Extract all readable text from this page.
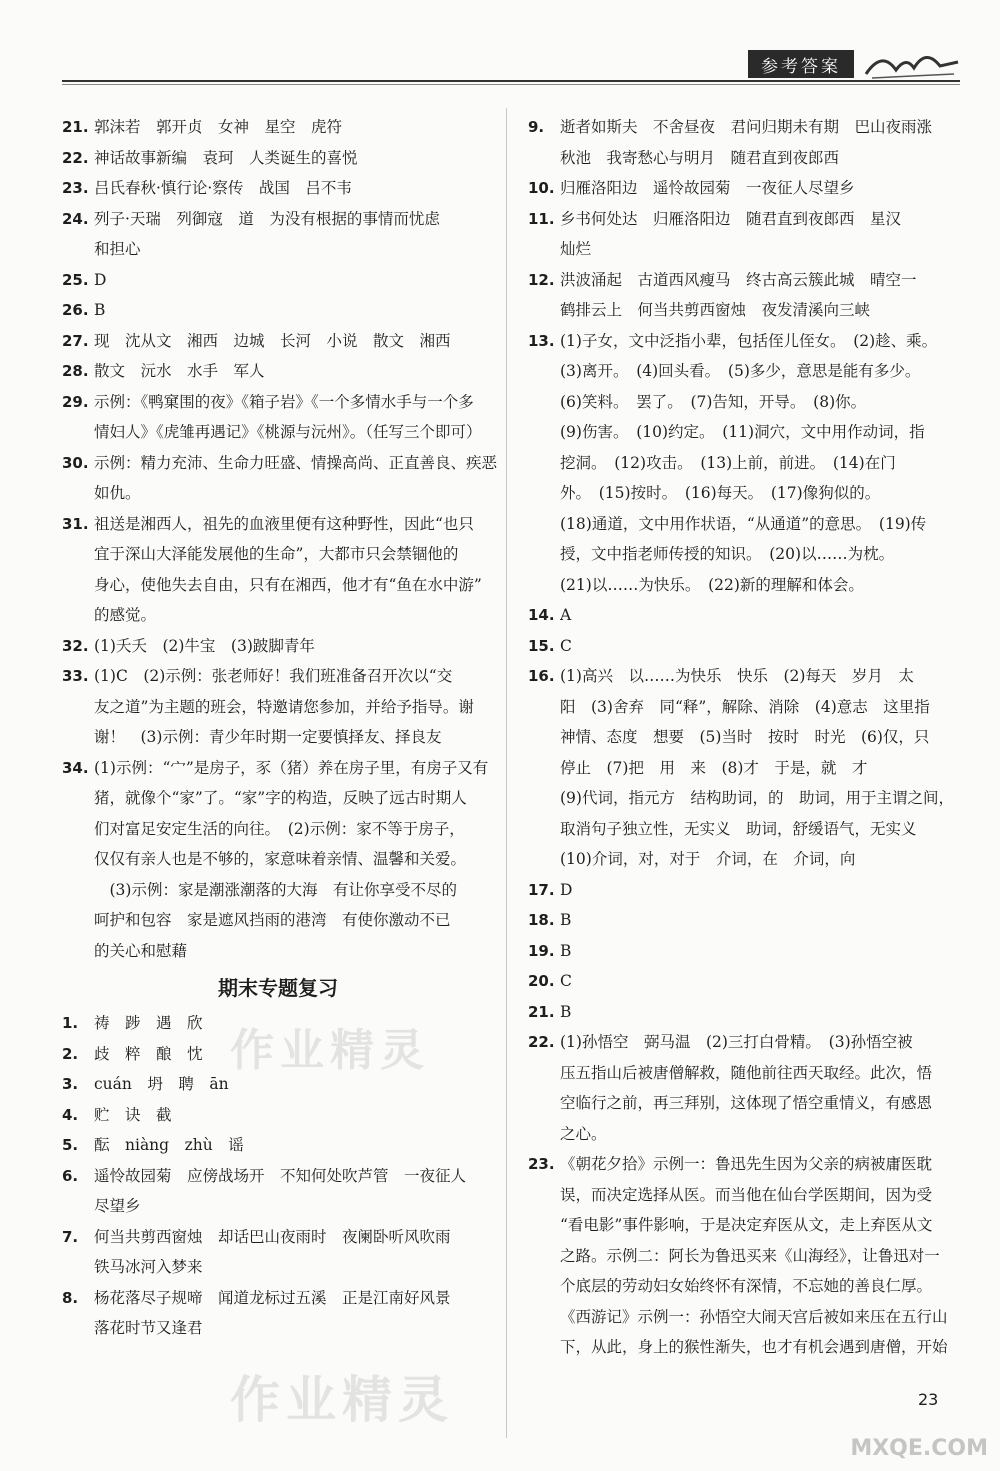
参考答案
21. 郭沫若　郭开贞　女神　星空　虎符
22. 神话故事新编　袁珂　人类诞生的喜悦
23. 吕氏春秋·慎行论·察传　战国　吕不韦
24. 列子·天瑞　列御寇　道　为没有根据的事情而忧虑
和担心
25. D
26. B
27. 现　沈从文　湘西　边城　长河　小说　散文　湘西
28. 散文　沅水　水手　军人
29. 示例：《鸭窠围的夜》《箱子岩》《一个多情水手与一个多
情妇人》《虎雏再遇记》《桃源与沅州》。（任写三个即可）
30. 示例：精力充沛、生命力旺盛、情操高尚、正直善良、疾恶
如仇。
31. 祖送是湘西人，祖先的血液里便有这种野性，因此“也只
宜于深山大泽能发展他的生命”，大都市只会禁锢他的
身心，使他失去自由，只有在湘西，他才有“鱼在水中游”
的感觉。
32. (1)夭夭　(2)牛宝　(3)跛脚青年
33. (1)C　(2)示例：张老师好！我们班准备召开次以“交
友之道”为主题的班会，特邀请您参加，并给予指导。谢
谢！　(3)示例：青少年时期一定要慎择友、择良友
34. (1)示例：“宀”是房子，豕（猪）养在房子里，有房子又有
猪，就像个“家”了。“家”字的构造，反映了远古时期人
们对富足安定生活的向往。　(2)示例：家不等于房子，
仅仅有亲人也是不够的，家意味着亲情、温馨和关爱。
　(3)示例：家是潮涨潮落的大海　有让你享受不尽的
呵护和包容　家是遮风挡雨的港湾　有使你激动不已
的关心和慰藉
期末专题复习
1.	祷　踄　遇　欣
2.	歧　粹　酿　忱
3.	cuán　坍　聘　ān
4.	贮　诀　截
5.	酝　niàng　zhù　谣
6.	遥怜故园菊　应傍战场开　不知何处吹芦管　一夜征人
尽望乡
7.	何当共剪西窗烛　却话巴山夜雨时　夜阑卧听风吹雨
铁马冰河入梦来
8.	杨花落尽子规啼　闻道龙标过五溪　正是江南好风景
落花时节又逢君
9.	逝者如斯夫　不舍昼夜　君问归期未有期　巴山夜雨涨
秋池　我寄愁心与明月　随君直到夜郎西
10. 归雁洛阳边　遥怜故园菊　一夜征人尽望乡
11. 乡书何处达　归雁洛阳边　随君直到夜郎西　星汉
灿烂
12. 洪波涌起　古道西风瘦马　终古高云簇此城　晴空一
鹤排云上　何当共剪西窗烛　夜发清溪向三峡
13. (1)子女，文中泛指小辈，包括侄儿侄女。　(2)趁、乘。
(3)离开。　(4)回头看。　(5)多少，意思是能有多少。
(6)笑料。　罢了。　(7)告知，开导。　(8)你。
(9)伤害。　(10)约定。　(11)洞穴，文中用作动词，指
挖洞。　(12)攻击。　(13)上前，前进。　(14)在门
外。　(15)按时。　(16)每天。　(17)像狗似的。
(18)通道，文中用作状语，“从通道”的意思。　(19)传
授，文中指老师传授的知识。　(20)以……为枕。
(21)以……为快乐。　(22)新的理解和体会。
14. A
15. C
16. (1)高兴　以……为快乐　快乐　(2)每天　岁月　太
阳　(3)舍弃　同“释”，解除、消除　(4)意志　这里指
神情、态度　想要　(5)当时　按时　时光　(6)仅，只
停止　(7)把　用　来　(8)才　于是，就　才
(9)代词，指元方　结构助词，的　助词，用于主谓之间，
取消句子独立性，无实义　助词，舒缓语气，无实义
(10)介词，对，对于　介词，在　介词，向
17. D
18. B
19. B
20. C
21. B
22. (1)孙悟空　弼马温　(2)三打白骨精。　(3)孙悟空被
压五指山后被唐僧解救，随他前往西天取经。此次，悟
空临行之前，再三拜别，这体现了悟空重情义，有感恩
之心。
23. 《朝花夕拾》示例一：鲁迅先生因为父亲的病被庸医耽
误，而决定选择从医。而当他在仙台学医期间，因为受
“看电影”事件影响，于是决定弃医从文，走上弃医从文
之路。示例二：阿长为鲁迅买来《山海经》，让鲁迅对一
个底层的劳动妇女始终怀有深情，不忘她的善良仁厚。
《西游记》示例一：孙悟空大闹天宫后被如来压在五行山
下，从此，身上的猴性渐失，也才有机会遇到唐僧，开始
作业精灵
作业精灵	23
MXQE.COM
